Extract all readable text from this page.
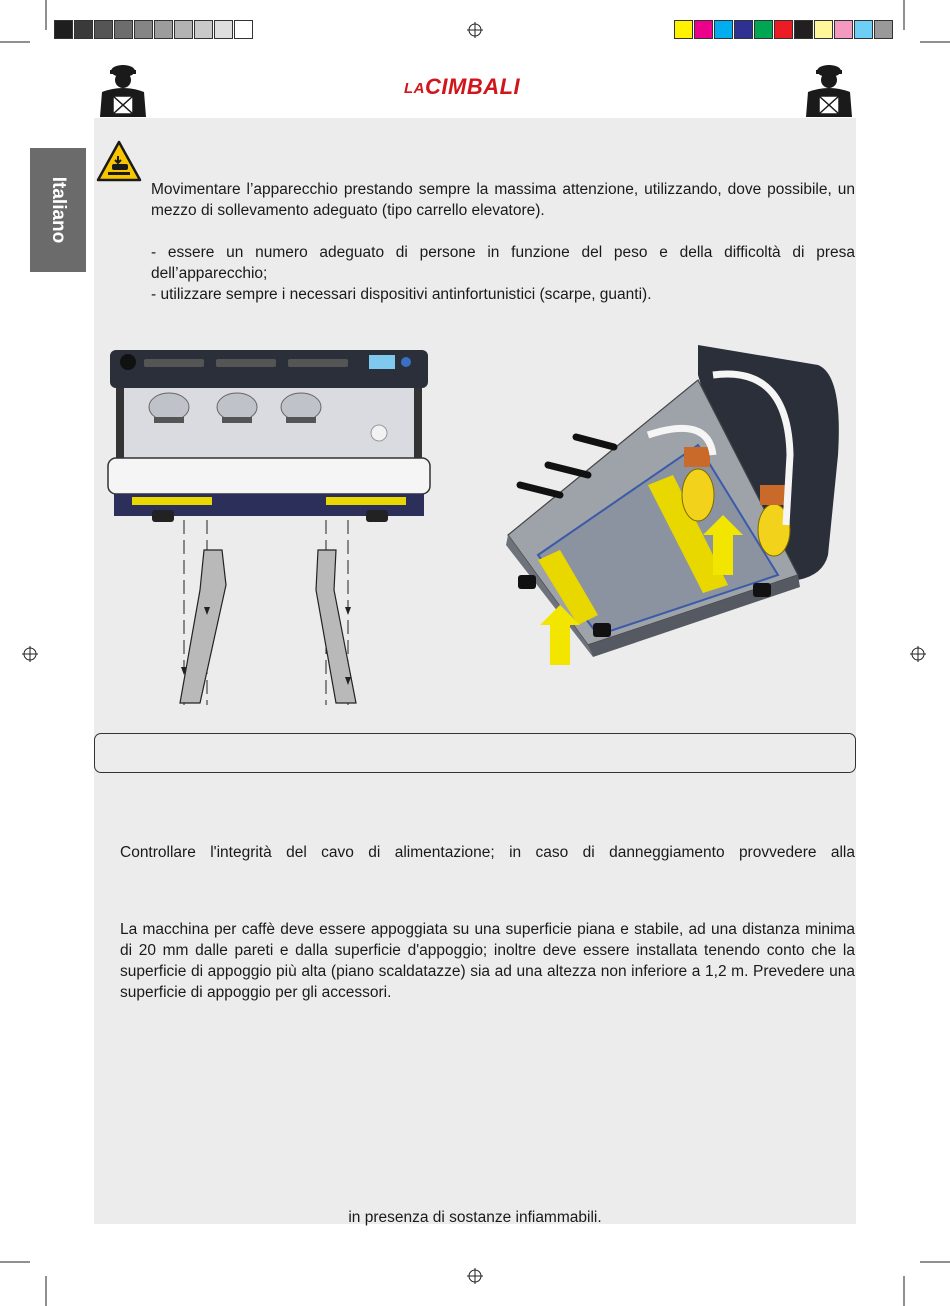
LACIMBALI
Italiano	Movimentare l’apparecchio prestando sempre la massima attenzione, utilizzando, dove possibile, un mezzo di sollevamento adeguato (tipo carrello elevatore).
- essere un numero adeguato di persone in funzione del peso e della difficoltà di presa dell’apparecchio;
- utilizzare sempre i necessari dispositivi antinfortunistici (scarpe, guanti).
Controllare l'integrità del cavo di alimentazione; in caso di danneggiamento provvedere alla
La macchina per caffè deve essere appoggiata su una superficie piana e stabile, ad una distanza minima di 20 mm dalle pareti e dalla superficie d'appoggio; inoltre deve essere installata tenendo conto che la superficie di appoggio più alta (piano scaldatazze) sia ad una altezza non inferiore a 1,2 m. Prevedere una superficie di appoggio per gli accessori.
in presenza di sostanze infiammabili.
